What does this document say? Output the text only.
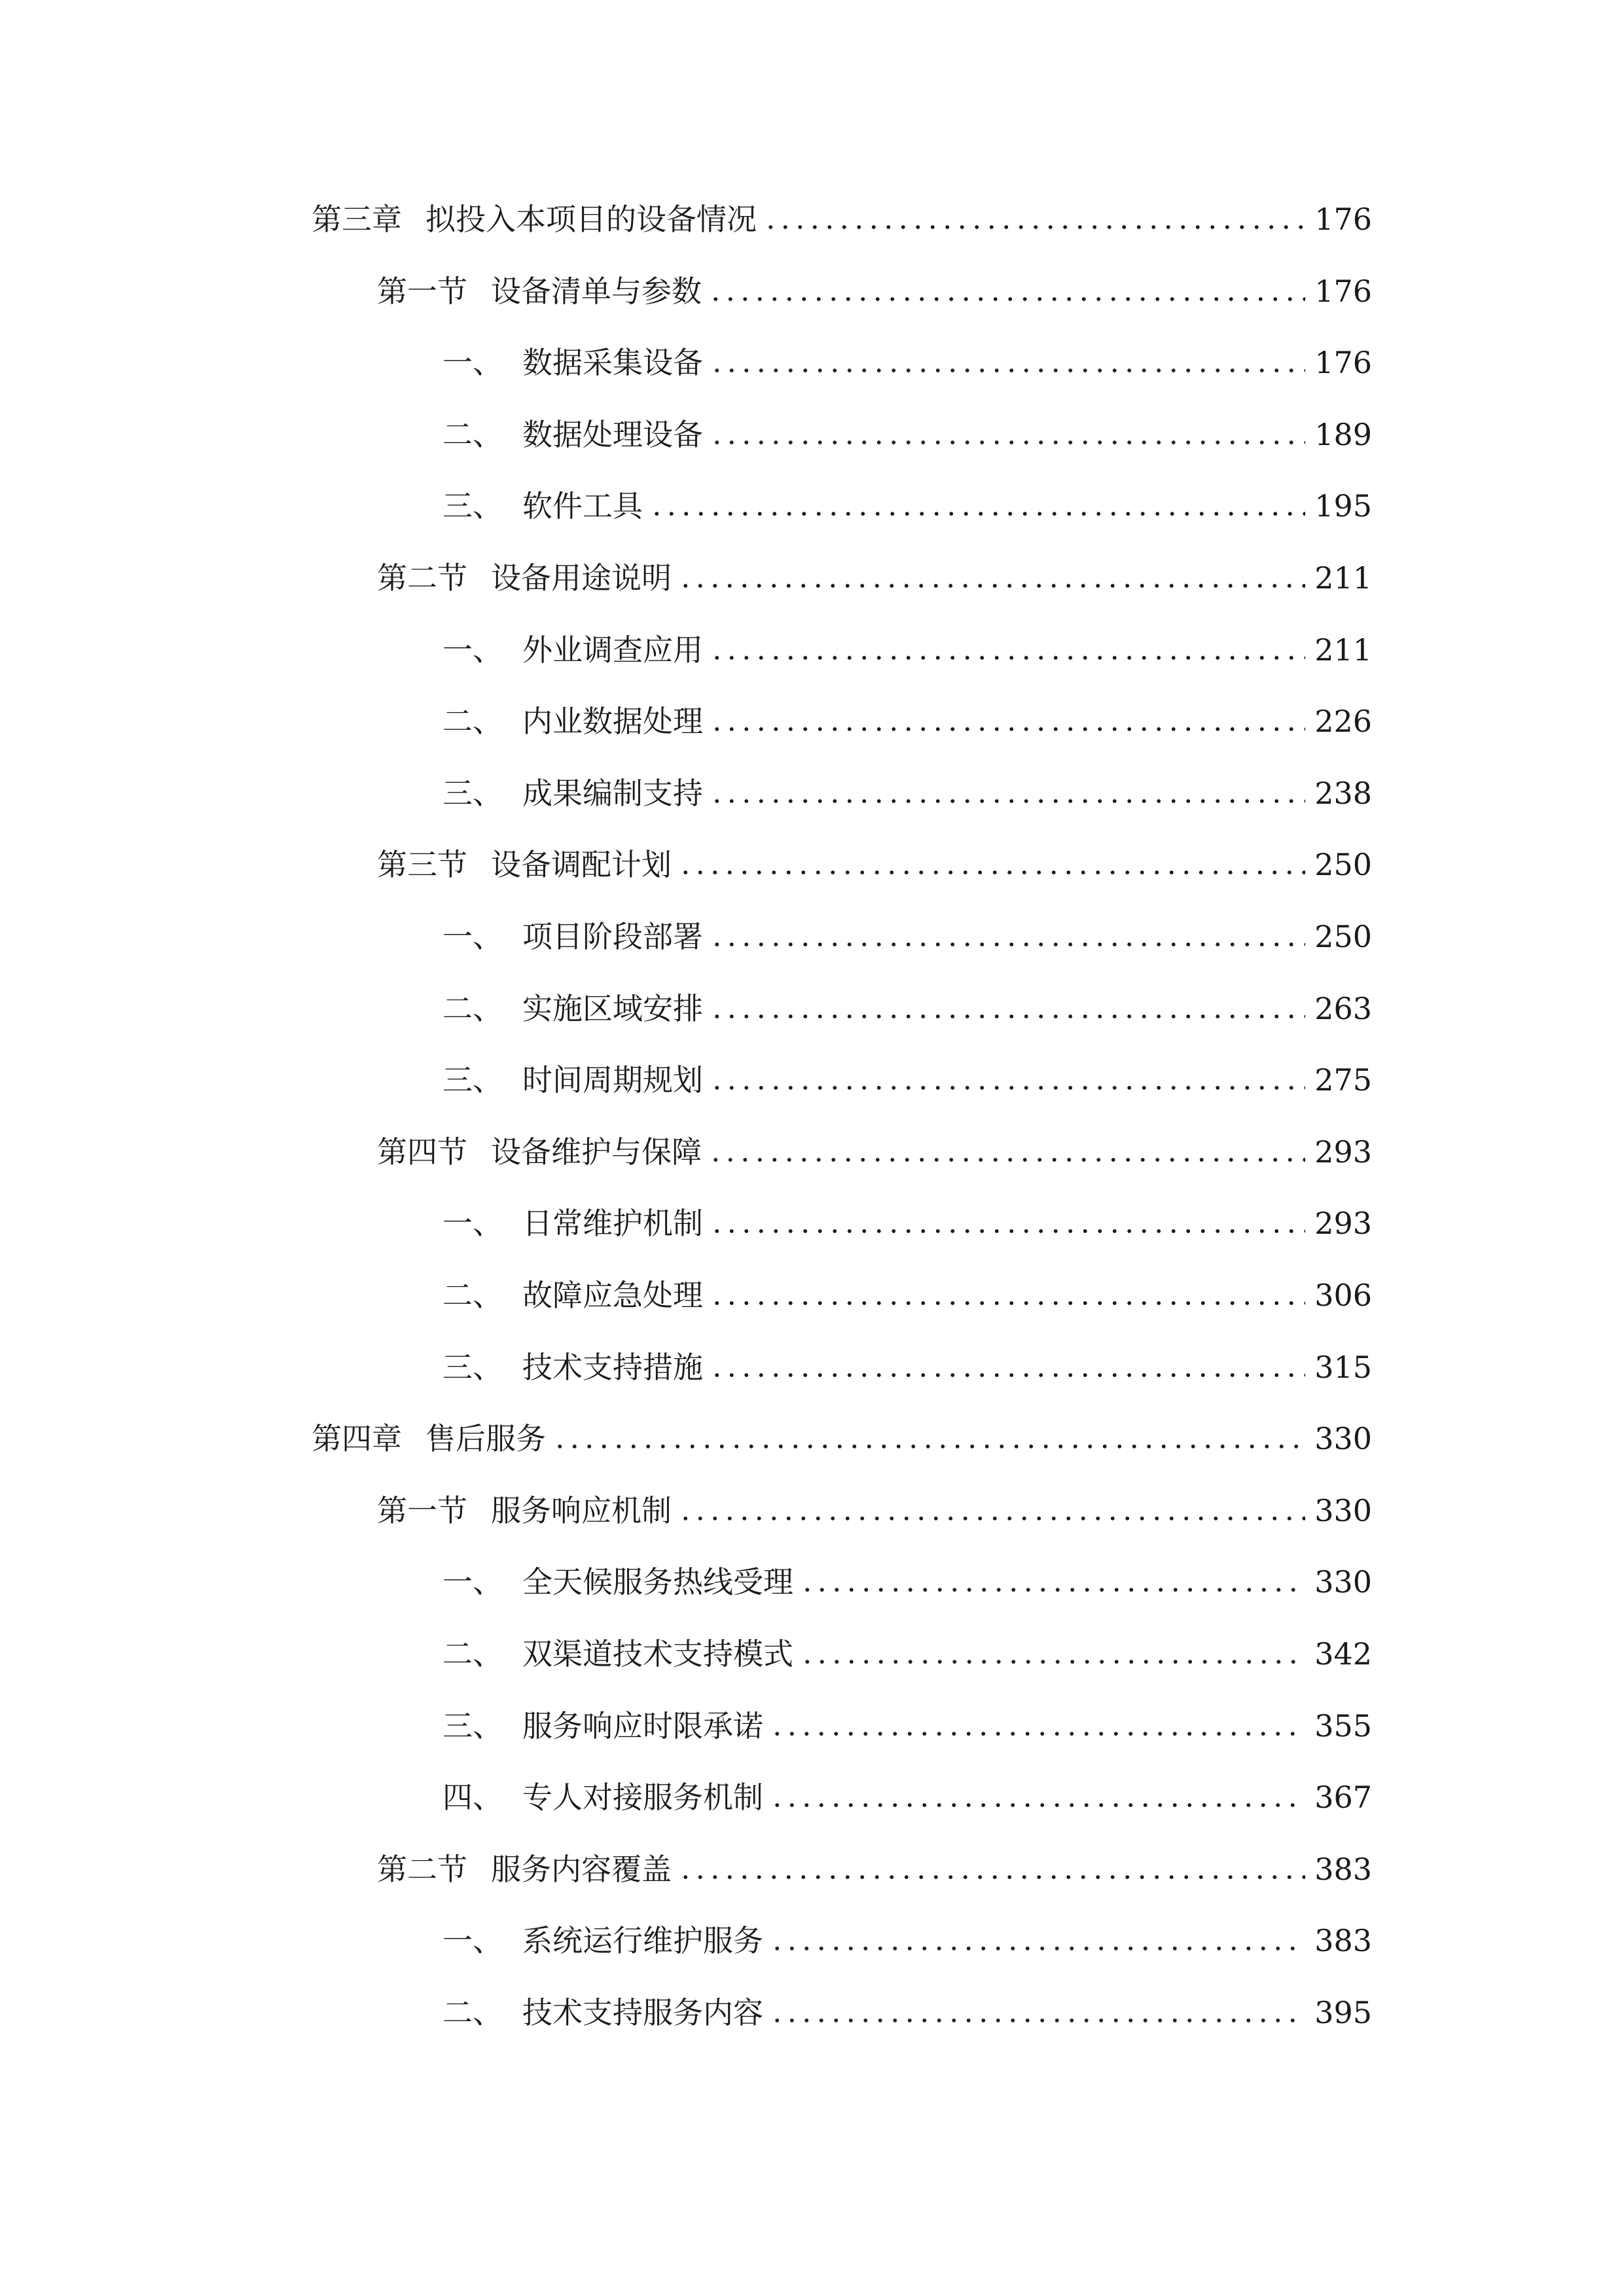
第三章 拟投入本项目的设备情况	176
第一节 设备清单与参数	176
一、 数据采集设备	176
二、 数据处理设备	189
三、 软件工具	195
第二节 设备用途说明	211
一、 外业调查应用	211
二、 内业数据处理	226
三、 成果编制支持	238
第三节 设备调配计划	250
一、 项目阶段部署	250
二、 实施区域安排	263
三、 时间周期规划	275
第四节 设备维护与保障	293
一、 日常维护机制	293
二、 故障应急处理	306
三、 技术支持措施	315
第四章 售后服务	330
第一节 服务响应机制	330
一、 全天候服务热线受理	330
二、 双渠道技术支持模式	342
三、 服务响应时限承诺	355
四、 专人对接服务机制	367
第二节 服务内容覆盖	383
一、 系统运行维护服务	383
二、 技术支持服务内容	395
